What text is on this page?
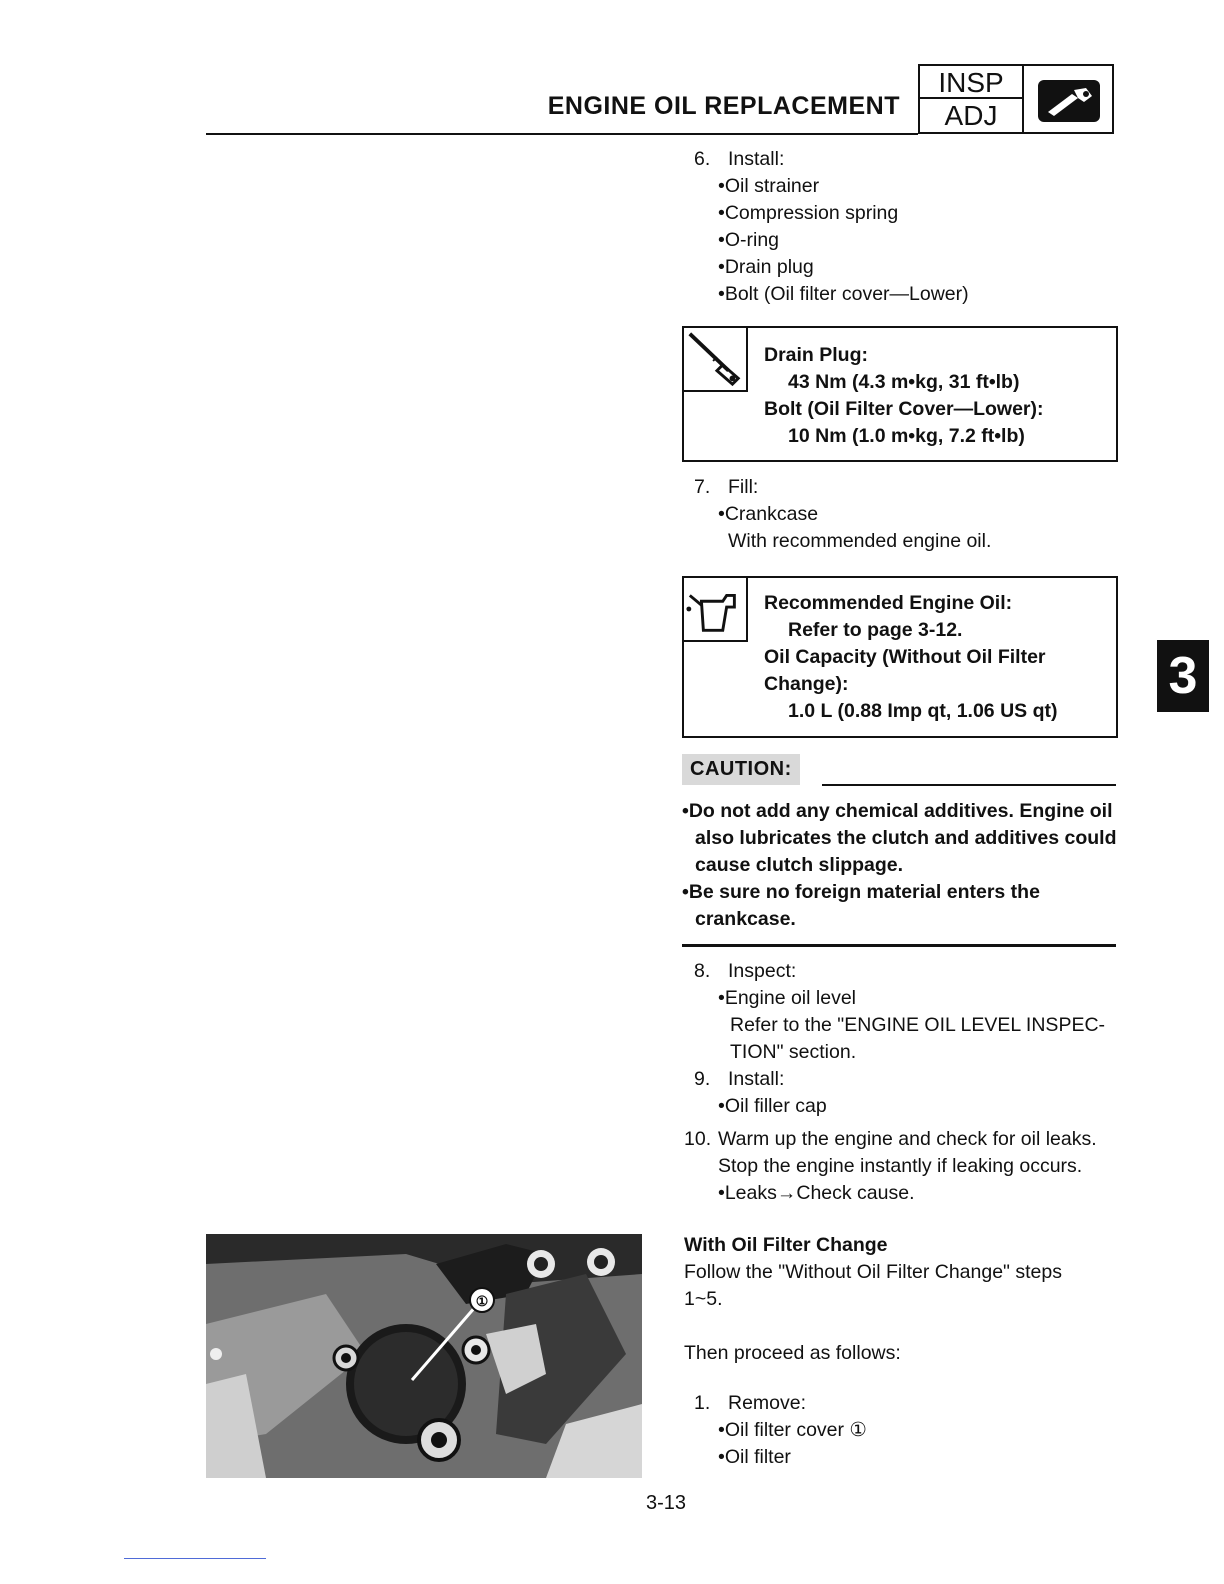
ENGINE OIL REPLACEMENT
INSP
ADJ
6. Install:
•Oil strainer
•Compression spring
•O-ring
•Drain plug
•Bolt (Oil filter cover—Lower)
Drain Plug:
43 Nm (4.3 m•kg, 31 ft•lb)
Bolt (Oil Filter Cover—Lower):
10 Nm (1.0 m•kg, 7.2 ft•lb)
7. Fill:
•Crankcase
With recommended engine oil.
Recommended Engine Oil:
Refer to page 3-12.
Oil Capacity (Without Oil Filter
Change):
1.0 L (0.88 Imp qt, 1.06 US qt)
CAUTION:
•Do not add any chemical additives. Engine oil also lubricates the clutch and additives could cause clutch slippage.
•Be sure no foreign material enters the crankcase.
8. Inspect:
•Engine oil level
Refer to the "ENGINE OIL LEVEL INSPEC-
TION" section.
9. Install:
•Oil filler cap
10. Warm up the engine and check for oil leaks.
Stop the engine instantly if leaking occurs.
•Leaks→Check cause.
With Oil Filter Change
Follow the "Without Oil Filter Change" steps
1~5.
Then proceed as follows:
1. Remove:
•Oil filter cover ①
•Oil filter
①
3-13
3
